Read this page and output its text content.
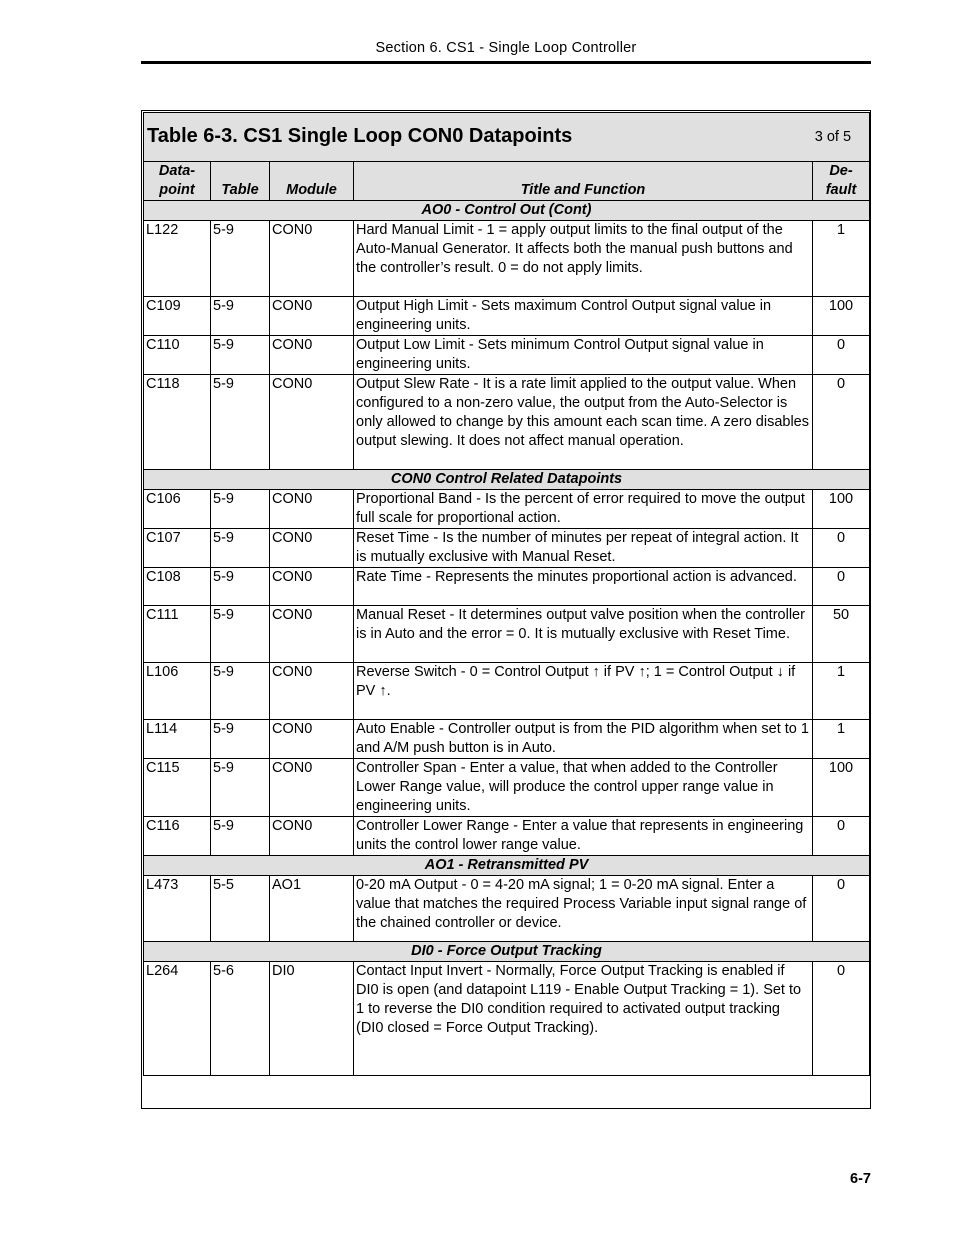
Section 6. CS1 - Single Loop Controller
Table 6-3. CS1 Single Loop CON0 Datapoints 3 of 5				

Data-
point	Table	Module	Title and Function	De-
fault
AO0 - Control Out (Cont)				
L122	5-9	CON0	Hard Manual Limit - 1 = apply output limits to the final output of the Auto-Manual Generator. It affects both the manual push buttons and the controller’s result. 0 = do not apply limits.	1
C109	5-9	CON0	Output High Limit - Sets maximum Control Output signal value in engineering units.	100
C110	5-9	CON0	Output Low Limit - Sets minimum Control Output signal value in engineering units.	0
C118	5-9	CON0	Output Slew Rate - It is a rate limit applied to the output value. When configured to a non-zero value, the output from the Auto-Selector is only allowed to change by this amount each scan time. A zero disables output slewing. It does not affect manual operation.	0
CON0 Control Related Datapoints				
C106	5-9	CON0	Proportional Band - Is the percent of error required to move the output full scale for proportional action.	100
C107	5-9	CON0	Reset Time - Is the number of minutes per repeat of integral action. It is mutually exclusive with Manual Reset.	0
C108	5-9	CON0	Rate Time - Represents the minutes proportional action is advanced.	0
C111	5-9	CON0	Manual Reset - It determines output valve position when the controller is in Auto and the error = 0. It is mutually exclusive with Reset Time.	50
L106	5-9	CON0	Reverse Switch - 0 = Control Output ↑ if PV ↑; 1 = Control Output ↓ if PV ↑.	1
L114	5-9	CON0	Auto Enable - Controller output is from the PID algorithm when set to 1 and A/M push button is in Auto.	1
C115	5-9	CON0	Controller Span - Enter a value, that when added to the Controller Lower Range value, will produce the control upper range value in engineering units.	100
C116	5-9	CON0	Controller Lower Range - Enter a value that represents in engineering units the control lower range value.	0
AO1 - Retransmitted PV				
L473	5-5	AO1	0-20 mA Output - 0 = 4-20 mA signal; 1 = 0-20 mA signal. Enter a value that matches the required Process Variable input signal range of the chained controller or device.	0
DI0 - Force Output Tracking				
L264	5-6	DI0	Contact Input Invert - Normally, Force Output Tracking is enabled if DI0 is open (and datapoint L119 - Enable Output Tracking = 1). Set to 1 to reverse the DI0 condition required to activated output tracking (DI0 closed = Force Output Tracking).	0
6-7
